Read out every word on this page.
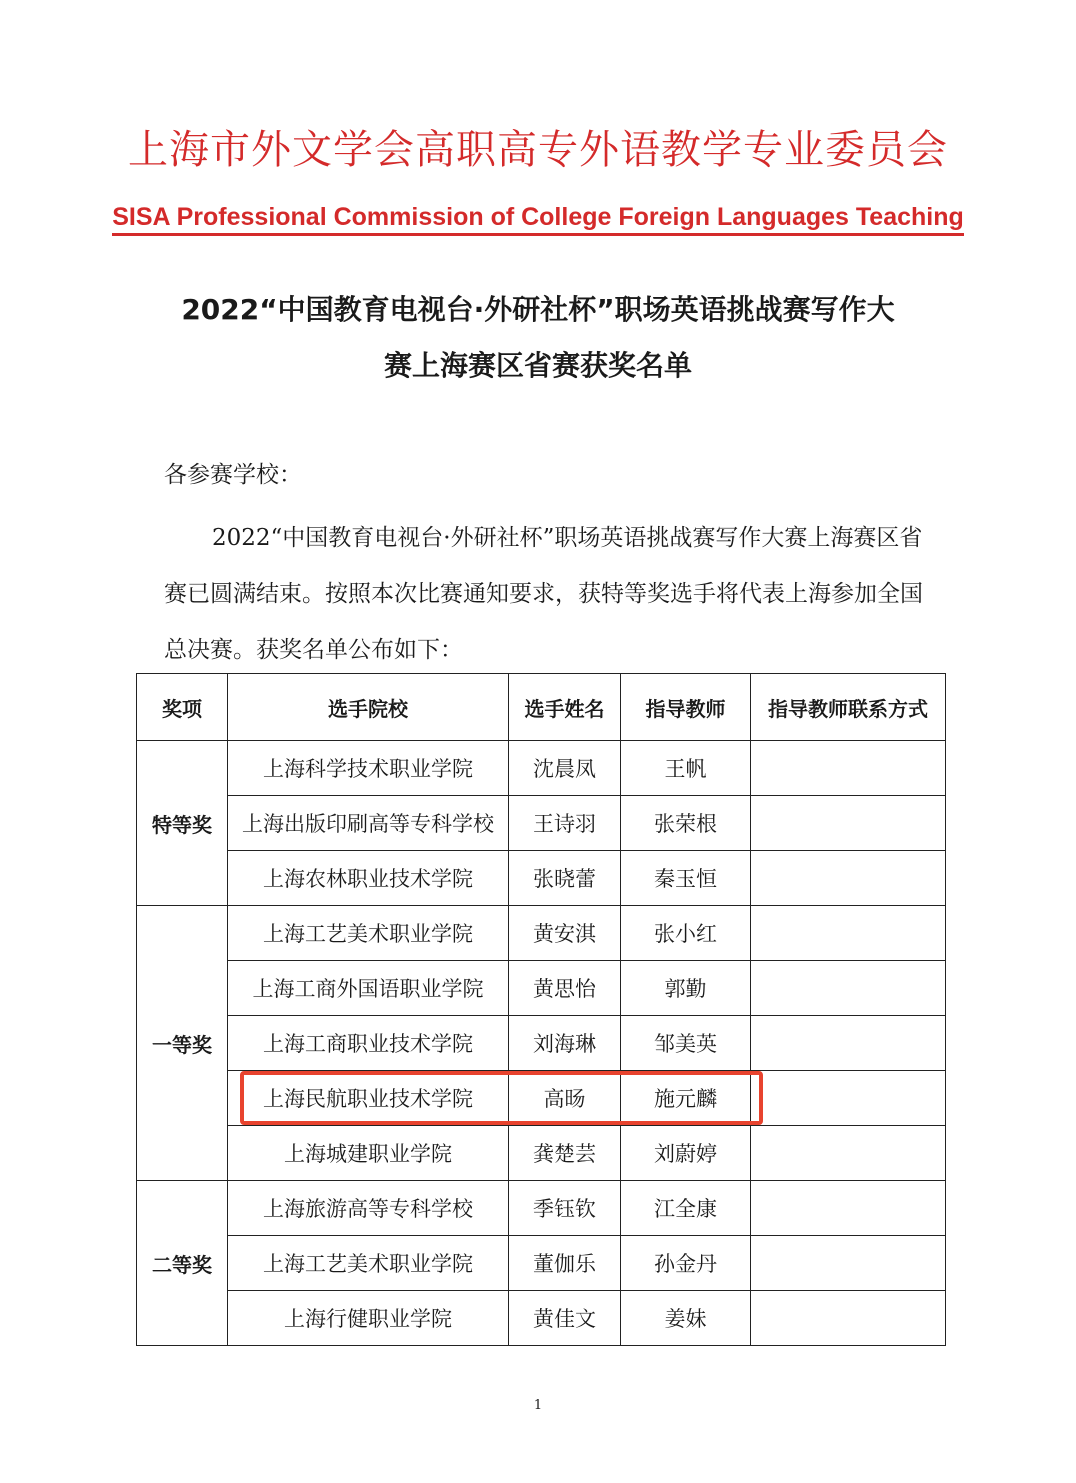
上海市外文学会高职高专外语教学专业委员会
SISA Professional Commission of College Foreign Languages Teaching
2022“中国教育电视台·外研社杯”职场英语挑战赛写作大
赛上海赛区省赛获奖名单
各参赛学校：
2022“中国教育电视台·外研社杯”职场英语挑战赛写作大赛上海赛区省赛已圆满结束。按照本次比赛通知要求，获特等奖选手将代表上海参加全国总决赛。获奖名单公布如下：
奖项	选手院校	选手姓名	指导教师	指导教师联系方式
特等奖	上海科学技术职业学院	沈晨凤	王帆	
	上海出版印刷高等专科学校	王诗羽	张荣根	
	上海农林职业技术学院	张晓蕾	秦玉恒	
一等奖	上海工艺美术职业学院	黄安淇	张小红	
	上海工商外国语职业学院	黄思怡	郭勤	
	上海工商职业技术学院	刘海琳	邹美英	
	上海民航职业技术学院	高旸	施元麟	
	上海城建职业学院	龚楚芸	刘蔚婷	
二等奖	上海旅游高等专科学校	季钰钦	江全康	
	上海工艺美术职业学院	董伽乐	孙金丹	
	上海行健职业学院	黄佳文	姜妹	
1
